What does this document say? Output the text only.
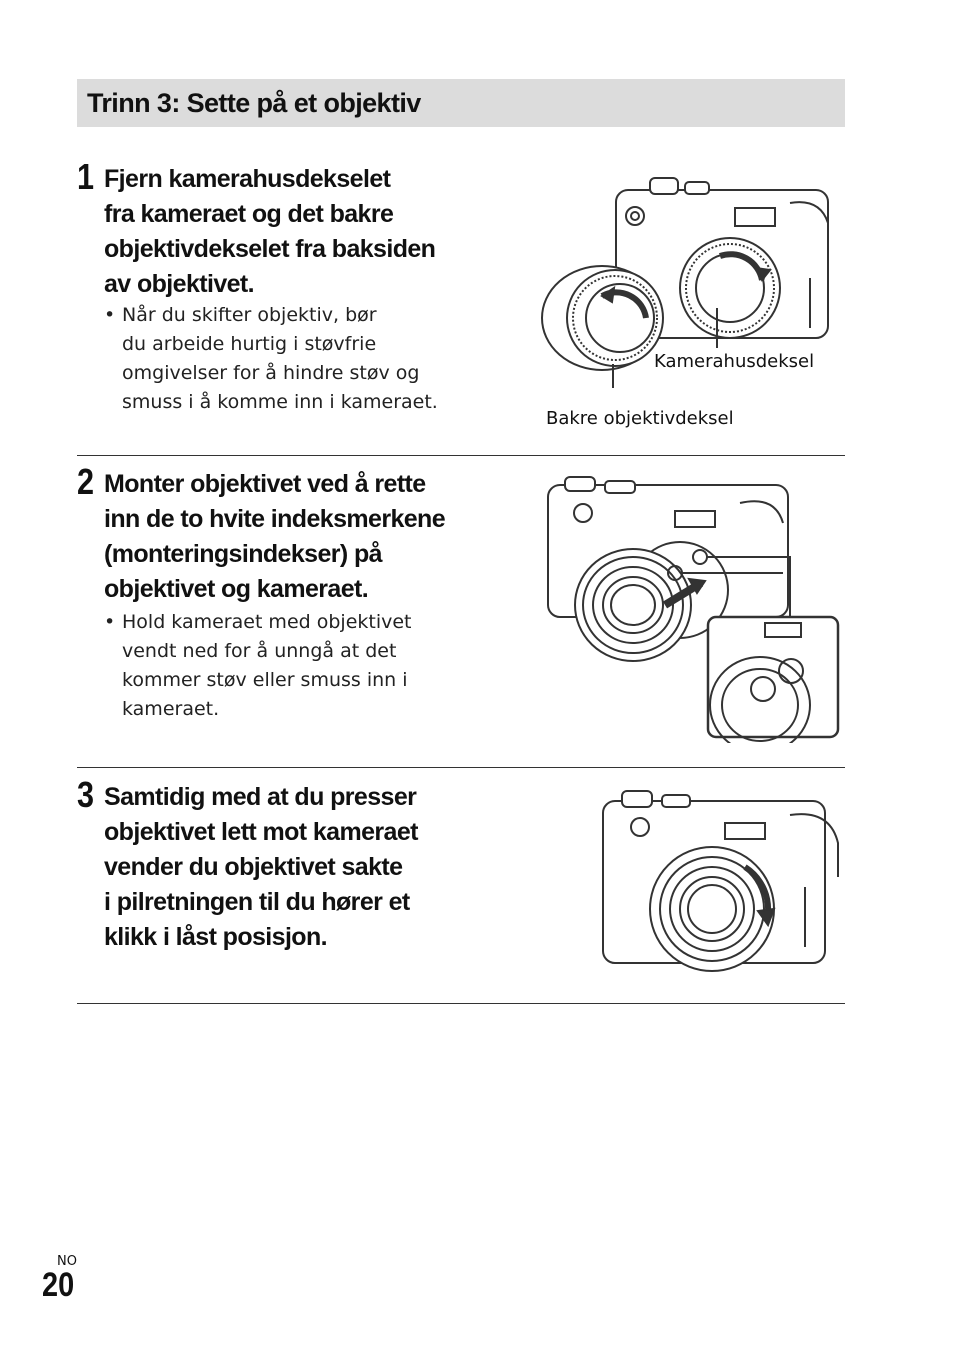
Trinn 3: Sette på et objektiv
1 Fjern kamerahusdekselet
fra kameraet og det bakre
objektivdekselet fra baksiden
av objektivet.
• Når du skifter objektiv, bør
du arbeide hurtig i støvfrie
omgivelser for å hindre støv og
smuss i å komme inn i kameraet.
Kamerahusdeksel
Bakre objektivdeksel
2 Monter objektivet ved å rette
inn de to hvite indeksmerkene
(monteringsindekser) på
objektivet og kameraet.
• Hold kameraet med objektivet
vendt ned for å unngå at det
kommer støv eller smuss inn i
kameraet.
3 Samtidig med at du presser
objektivet lett mot kameraet
vender du objektivet sakte
i pilretningen til du hører et
klikk i låst posisjon.
NO
20
